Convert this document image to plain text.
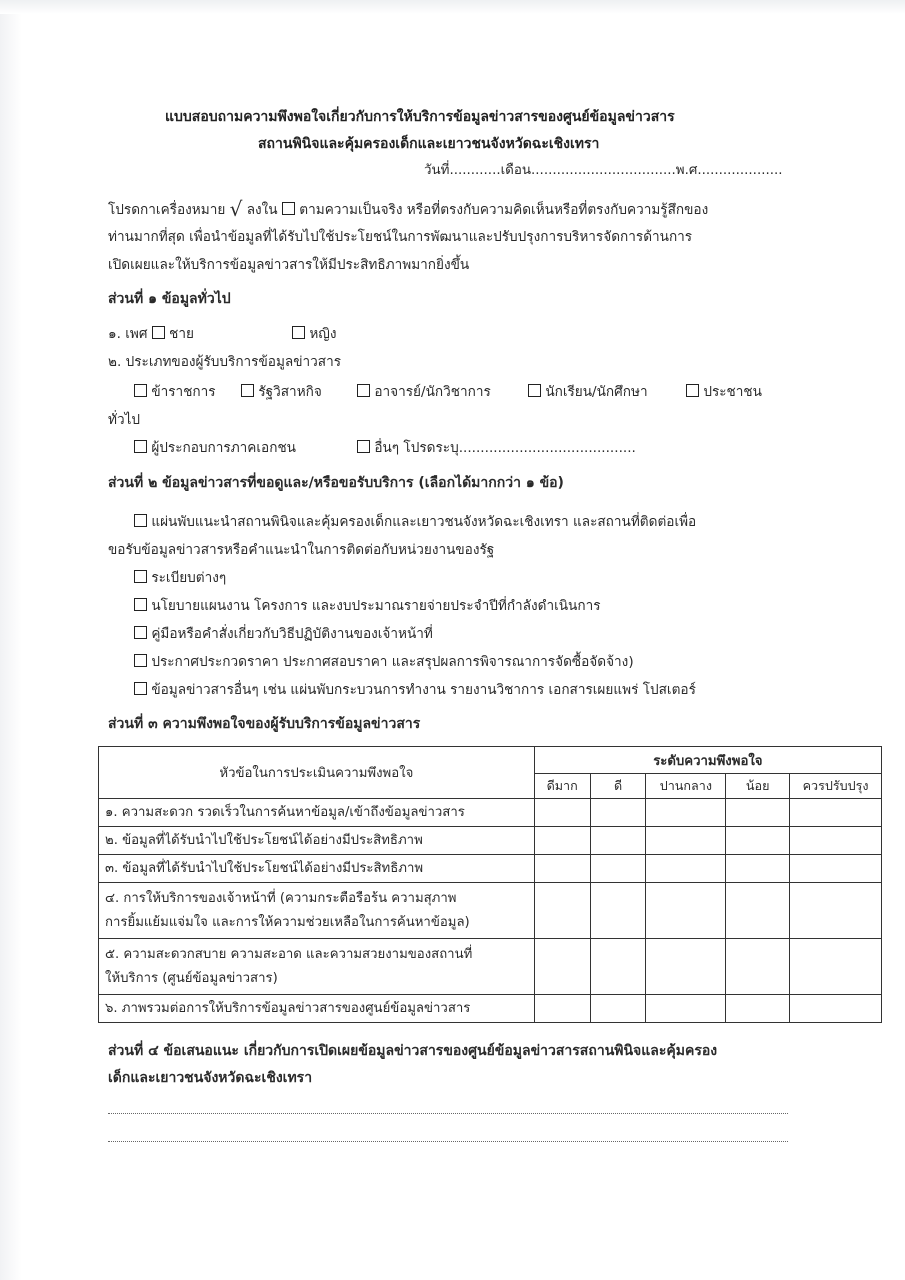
แบบสอบถามความพึงพอใจเกี่ยวกับการให้บริการข้อมูลข่าวสารของศูนย์ข้อมูลข่าวสาร
สถานพินิจและคุ้มครองเด็กและเยาวชนจังหวัดฉะเชิงเทรา
วันที่............เดือน..................................พ.ศ....................
โปรดกาเครื่องหมาย √ ลงใน ตามความเป็นจริง หรือที่ตรงกับความคิดเห็นหรือที่ตรงกับความรู้สึกของ
ท่านมากที่สุด เพื่อนำข้อมูลที่ได้รับไปใช้ประโยชน์ในการพัฒนาและปรับปรุงการบริหารจัดการด้านการ
เปิดเผยและให้บริการข้อมูลข่าวสารให้มีประสิทธิภาพมากยิ่งขึ้น
ส่วนที่ ๑ ข้อมูลทั่วไป
๑. เพศ ชาย	หญิง
๒. ประเภทของผู้รับบริการข้อมูลข่าวสาร
ข้าราชการ	รัฐวิสาหกิจ	อาจารย์/นักวิชาการ	นักเรียน/นักศึกษา	ประชาชน
ทั่วไป
ผู้ประกอบการภาคเอกชน	อื่นๆ โปรดระบุ.........................................
ส่วนที่ ๒ ข้อมูลข่าวสารที่ขอดูและ/หรือขอรับบริการ (เลือกได้มากกว่า ๑ ข้อ)
แผ่นพับแนะนำสถานพินิจและคุ้มครองเด็กและเยาวชนจังหวัดฉะเชิงเทรา และสถานที่ติดต่อเพื่อ
ขอรับข้อมูลข่าวสารหรือคำแนะนำในการติดต่อกับหน่วยงานของรัฐ
ระเบียบต่างๆ
นโยบายแผนงาน โครงการ และงบประมาณรายจ่ายประจำปีที่กำลังดำเนินการ
คู่มือหรือคำสั่งเกี่ยวกับวิธีปฏิบัติงานของเจ้าหน้าที่
ประกาศประกวดราคา ประกาศสอบราคา และสรุปผลการพิจารณาการจัดซื้อจัดจ้าง)
ข้อมูลข่าวสารอื่นๆ เช่น แผ่นพับกระบวนการทำงาน รายงานวิชาการ เอกสารเผยแพร่ โปสเตอร์
ส่วนที่ ๓ ความพึงพอใจของผู้รับบริการข้อมูลข่าวสาร
หัวข้อในการประเมินความพึงพอใจ	ระดับความพึงพอใจ				
	ดีมาก	ดี	ปานกลาง	น้อย	ควรปรับปรุง
๑. ความสะดวก รวดเร็วในการค้นหาข้อมูล/เข้าถึงข้อมูลข่าวสาร					
๒. ข้อมูลที่ได้รับนำไปใช้ประโยชน์ได้อย่างมีประสิทธิภาพ					
๓. ข้อมูลที่ได้รับนำไปใช้ประโยชน์ได้อย่างมีประสิทธิภาพ					

๔. การให้บริการของเจ้าหน้าที่ (ความกระตือรือร้น ความสุภาพ
การยิ้มแย้มแจ่มใจ และการให้ความช่วยเหลือในการค้นหาข้อมูล)					

๕. ความสะดวกสบาย ความสะอาด และความสวยงามของสถานที่
ให้บริการ (ศูนย์ข้อมูลข่าวสาร)					

๖. ภาพรวมต่อการให้บริการข้อมูลข่าวสารของศูนย์ข้อมูลข่าวสาร					
ส่วนที่ ๔ ข้อเสนอแนะ เกี่ยวกับการเปิดเผยข้อมูลข่าวสารของศูนย์ข้อมูลข่าวสารสถานพินิจและคุ้มครอง
เด็กและเยาวชนจังหวัดฉะเชิงเทรา
